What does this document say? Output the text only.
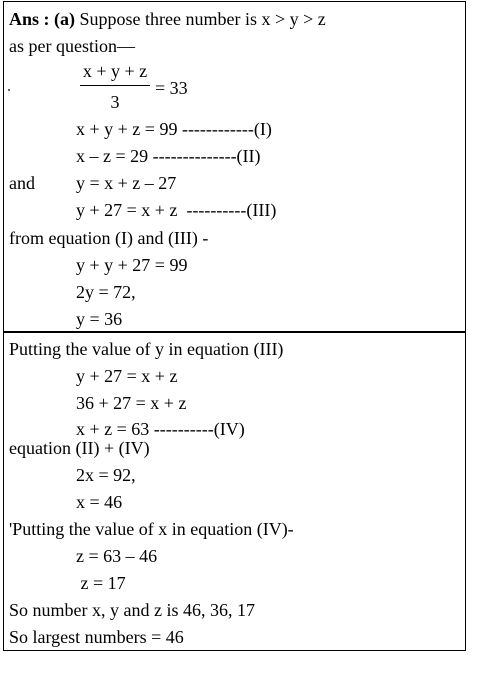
Ans : (a) Suppose three number is x > y > z
as per question—
x + y + z
3
= 33
x + y + z = 99 ------------(I)
x – z = 29 --------------(II)
and y = x + z – 27
y + 27 = x + z  ----------(III)
from equation (I) and (III) -
y + y + 27 = 99
2y = 72,
y = 36
Putting the value of y in equation (III)
y + 27 = x + z
36 + 27 = x + z
x + z = 63 ----------(IV)
equation (II) + (IV)
2x = 92,
x = 46
'Putting the value of x in equation (IV)-
z = 63 – 46
z = 17
So number x, y and z is 46, 36, 17
So largest numbers = 46
